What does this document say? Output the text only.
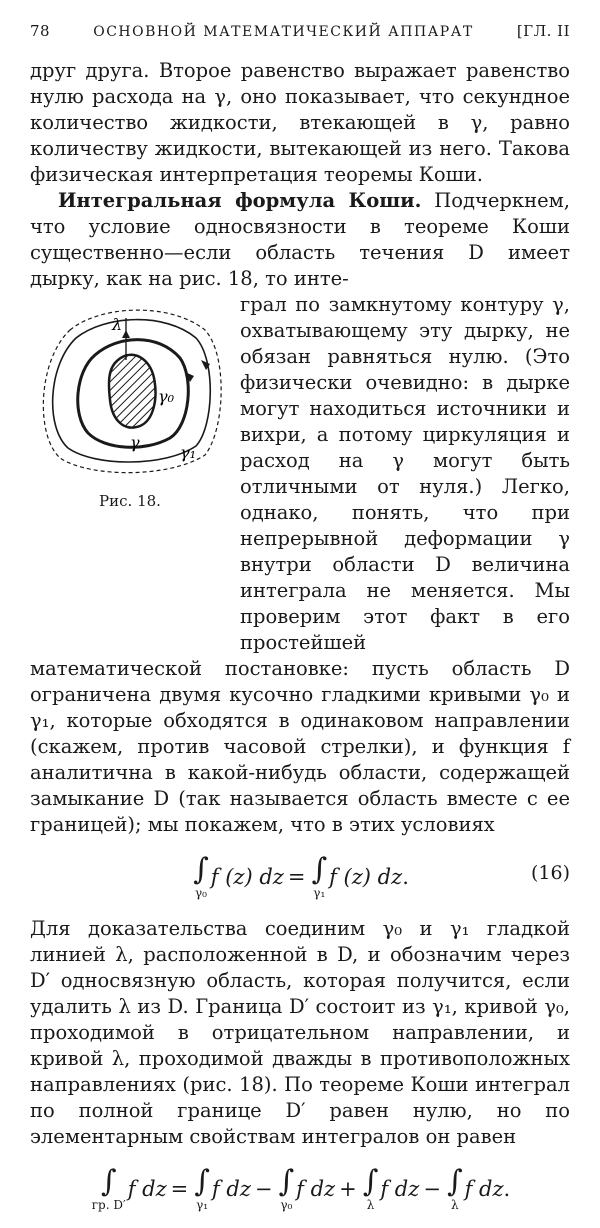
78	ОСНОВНОЙ МАТЕМАТИЧЕСКИЙ АППАРАТ	[ГЛ. II

друг друга. Второе равенство выражает равенство нулю расхода на γ, оно показывает, что секундное количество жидкости, втекающей в γ, равно количеству жидкости, вытекающей из него. Такова физическая интерпретация теоремы Коши.

Интегральная формула Коши. Подчеркнем, что условие односвязности в теореме Коши существенно—если область течения D имеет дырку, как на рис. 18, то инте-

λ
γ₀
γ
γ₁
Рис. 18.

грал по замкнутому контуру γ, охватывающему эту дырку, не обязан равняться нулю. (Это физически очевидно: в дырке могут находиться источники и вихри, а потому циркуляция и расход на γ могут быть отличными от нуля.) Легко, однако, понять, что при непрерывной деформации γ внутри области D величина интеграла не меняется. Мы проверим этот факт в его простейшей

математической постановке: пусть область D ограничена двумя кусочно гладкими кривыми γ₀ и γ₁, которые обходятся в одинаковом направлении (скажем, против часовой стрелки), и функция f аналитична в какой-нибудь области, содержащей замыкание D (так называется область вместе с ее границей); мы покажем, что в этих условиях

∫
γ₀
f (z) dz = ∫
γ₁
f (z) dz .	(16)

Для доказательства соединим γ₀ и γ₁ гладкой линией λ, расположенной в D, и обозначим через D′ односвязную область, которая получится, если удалить λ из D. Граница D′ состоит из γ₁, кривой γ₀, проходимой в отрицательном направлении, и кривой λ, проходимой дважды в противоположных направлениях (рис. 18). По теореме Коши интеграл по полной границе D′ равен нулю, но по элементарным свойствам интегралов он равен

∫
гр. D′
f dz = ∫
γ₁
f dz − ∫
γ₀
f dz + ∫
λ
f dz − ∫
λ
f dz .
